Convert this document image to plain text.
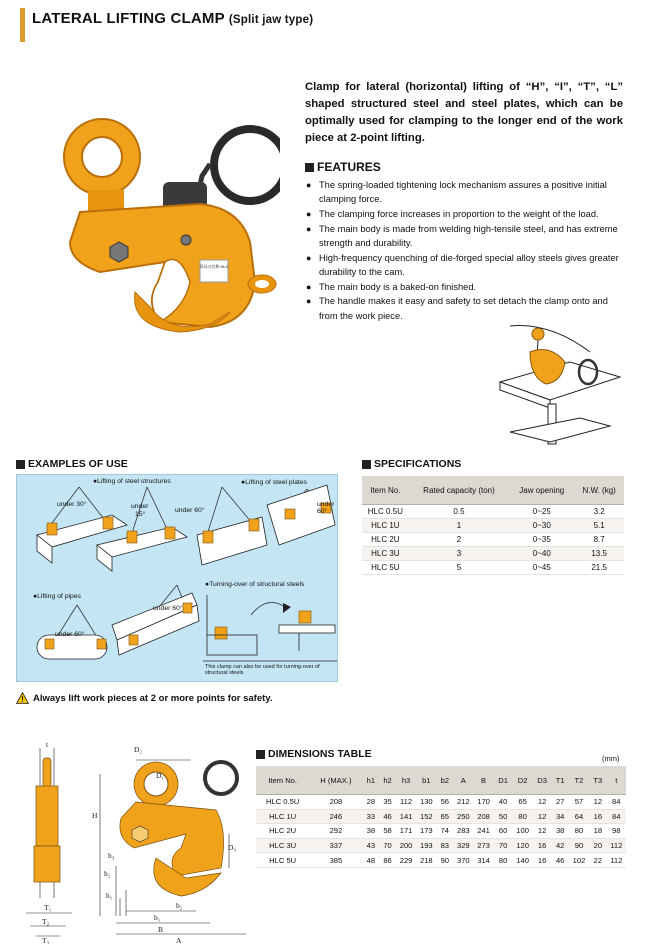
LATERAL LIFTING CLAMP (Split jaw type)
吊具の名称 HLC
Clamp for lateral (horizontal) lifting of “H”, “I”, “T”, “L” shaped structured steel and steel plates, which can be optimally used for clamping to the longer end of the work piece at 2-point lifting.
FEATURES
● The spring-loaded tightening lock mechanism assures a positive initial clamping force.
● The clamping force increases in proportion to the weight of the load.
● The main body is made from welding high-tensile steel, and has extreme strength and durability.
● High-frequency quenching of die-forged special alloy steels gives greater durability to the cam.
● The main body is a baked-on finished.
● The handle makes it easy and safety to set detach the clamp onto and from the work piece.
EXAMPLES OF USE
●Lifting of steel structures	●Lifting of steel plates
●Lifting of pipes
●Turning-over of structural steels
This clamp can also be used for turning-over of structural steels
under 30°	under
15°
under 60°
under
60°
under 60°
under 60°
! Always lift work pieces at 2 or more points for safety.
SPECIFICATIONS
Item No.	Rated capacity (ton)	Jaw opening	N.W. (kg)
HLC 0.5U	0.5	0~25	3.2
HLC 1U	1	0~30	5.1
HLC 2U	2	0~35	8.7
HLC 3U	3	0~40	13.5
HLC 5U	5	0~45	21.5
t
D₂
D₁
H
h₃
h₂
h₁
D₃
b₂
b₁
B
A
T₁
T₂
T₃
DIMENSIONS TABLE	(mm)
Item No.	H (MAX.)	h1	h2	h3	b1	b2	A	B	D1	D2	D3	T1	T2	T3	t
HLC 0.5U	208	28	35	112	130	56	212	170	40	65	12	27	57	12	84
HLC 1U	246	33	46	141	152	65	250	208	50	80	12	34	64	16	84
HLC 2U	292	38	58	171	173	74	283	241	60	100	12	38	80	18	98
HLC 3U	337	43	70	200	193	83	329	273	70	120	16	42	90	20	112
HLC 5U	385	48	86	229	218	90	370	314	80	140	16	46	102	22	112
